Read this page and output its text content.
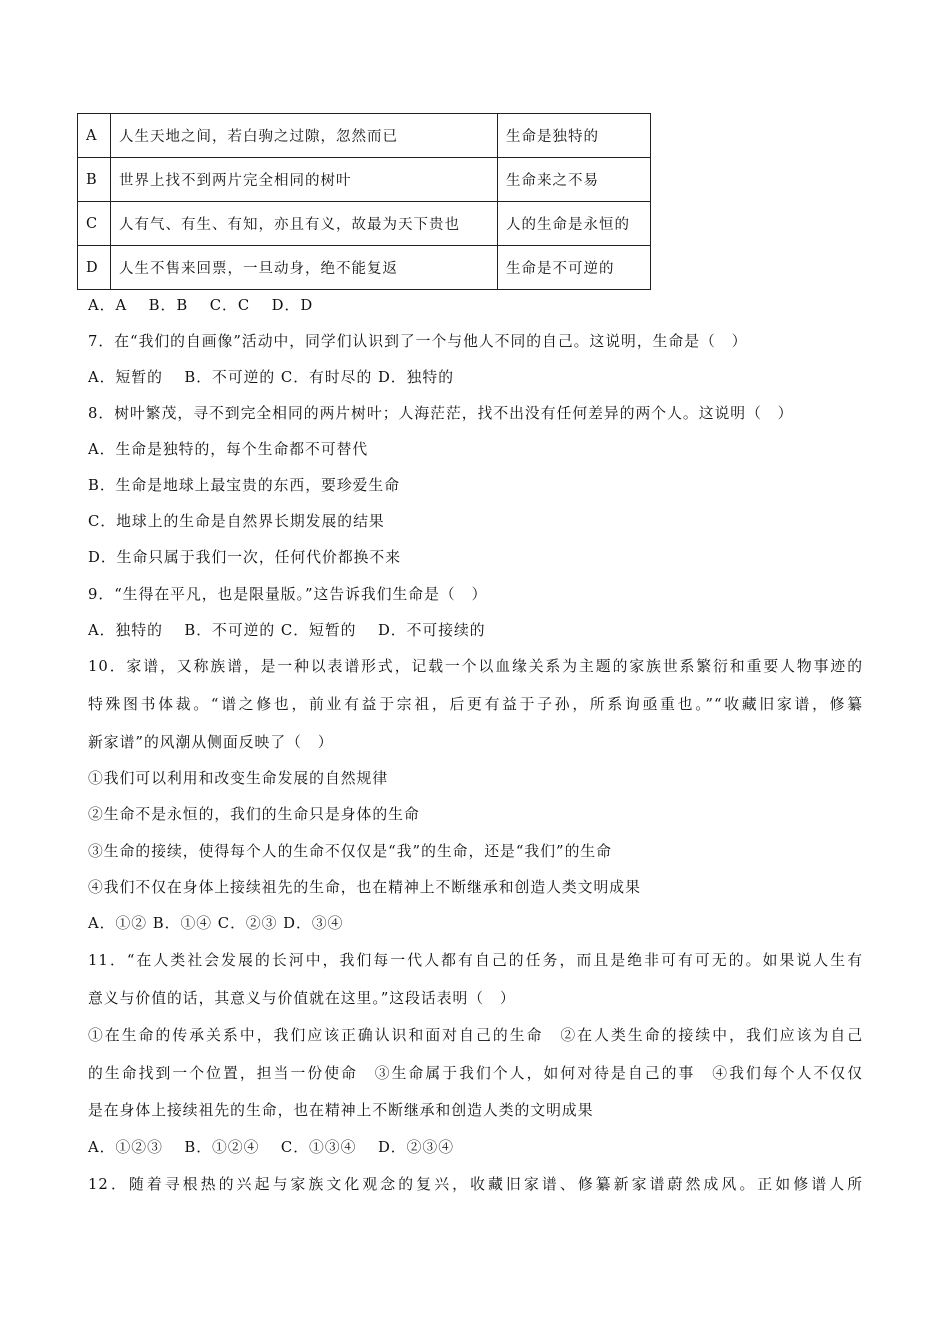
A	人生天地之间，若白驹之过隙，忽然而已	生命是独特的
B	世界上找不到两片完全相同的树叶	生命来之不易
C	人有气、有生、有知，亦且有义，故最为天下贵也	人的生命是永恒的
D	人生不售来回票，一旦动身，绝不能复返	生命是不可逆的
A．A　 B．B　 C．C　 D．D
7．在“我们的自画像”活动中，同学们认识到了一个与他人不同的自己。这说明，生命是（　）
A．短暂的　 B．不可逆的 C．有时尽的 D．独特的
8．树叶繁茂，寻不到完全相同的两片树叶；人海茫茫，找不出没有任何差异的两个人。这说明（　）
A．生命是独特的，每个生命都不可替代
B．生命是地球上最宝贵的东西，要珍爱生命
C．地球上的生命是自然界长期发展的结果
D．生命只属于我们一次，任何代价都换不来
9．“生得在平凡，也是限量版。”这告诉我们生命是（　）
A．独特的　 B．不可逆的 C．短暂的　 D．不可接续的
10．家谱，又称族谱，是一种以表谱形式，记载一个以血缘关系为主题的家族世系繁衍和重要人物事迹的
特殊图书体裁。“谱之修也，前业有益于宗祖，后更有益于子孙，所系询亟重也。”“收藏旧家谱，修纂
新家谱”的风潮从侧面反映了（　）
①我们可以利用和改变生命发展的自然规律
②生命不是永恒的，我们的生命只是身体的生命
③生命的接续，使得每个人的生命不仅仅是“我”的生命，还是“我们”的生命
④我们不仅在身体上接续祖先的生命，也在精神上不断继承和创造人类文明成果
A．①② B．①④ C．②③ D．③④
11．“在人类社会发展的长河中，我们每一代人都有自己的任务，而且是绝非可有可无的。如果说人生有
意义与价值的话，其意义与价值就在这里。”这段话表明（　）
①在生命的传承关系中，我们应该正确认识和面对自己的生命　②在人类生命的接续中，我们应该为自己
的生命找到一个位置，担当一份使命　③生命属于我们个人，如何对待是自己的事　④我们每个人不仅仅
是在身体上接续祖先的生命，也在精神上不断继承和创造人类的文明成果
A．①②③　 B．①②④　 C．①③④　 D．②③④
12．随着寻根热的兴起与家族文化观念的复兴，收藏旧家谱、修纂新家谱蔚然成风。正如修谱人所
